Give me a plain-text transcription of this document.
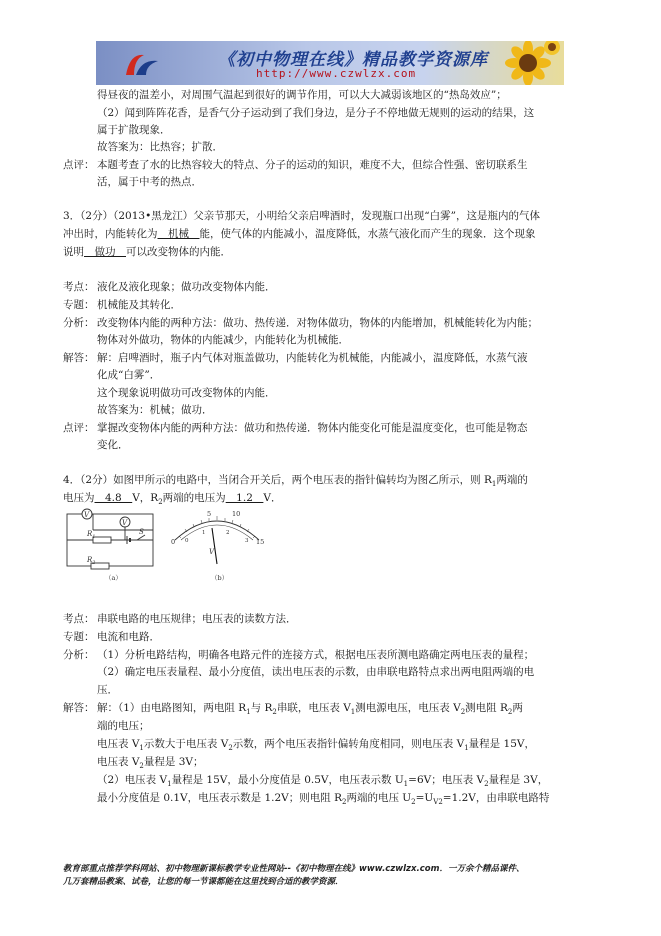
《初中物理在线》精品教学资源库
http://www.czwlzx.com
得昼夜的温差小，对周围气温起到很好的调节作用，可以大大减弱该地区的“热岛效应”；
（2）闻到阵阵花香，是香气分子运动到了我们身边，是分子不停地做无规则的运动的结果，这
属于扩散现象．
故答案为：比热容；扩散．
点评： 本题考查了水的比热容较大的特点、分子的运动的知识，难度不大，但综合性强、密切联系生
活，属于中考的热点．
3．（2分）（2013•黑龙江）父亲节那天，小明给父亲启啤酒时，发现瓶口出现“白雾”，这是瓶内的气体
冲出时，内能转化为　机械　能，使气体的内能减小，温度降低，水蒸气液化而产生的现象．这个现象
说明　做功　可以改变物体的内能．
考点： 液化及液化现象；做功改变物体内能．
专题： 机械能及其转化．
分析： 改变物体内能的两种方法：做功、热传递．对物体做功，物体的内能增加，机械能转化为内能；
物体对外做功，物体的内能减少，内能转化为机械能．
解答： 解：启啤酒时，瓶子内气体对瓶盖做功，内能转化为机械能，内能减小，温度降低，水蒸气液
化成“白雾”．
这个现象说明做功可改变物体的内能．
故答案为：机械；做功．
点评： 掌握改变物体内能的两种方法：做功和热传递．物体内能变化可能是温度变化，也可能是物态
变化．
4．（2分）如图甲所示的电路中，当闭合开关后，两个电压表的指针偏转均为图乙所示，则 $R_1$两端的
电压为　4.8　V，$R_2$两端的电压为　1.2　V．
V
V
$R_1$
S
$R_2$
（a）
5	10
0	15
0
1	2
3
V
（b）
考点： 串联电路的电压规律；电压表的读数方法．
专题： 电流和电路．
分析： （1）分析电路结构，明确各电路元件的连接方式，根据电压表所测电路确定两电压表的量程；
（2）确定电压表量程、最小分度值，读出电压表的示数，由串联电路特点求出两电阻两端的电
压．
解答： 解：（1）由电路图知，两电阻 $R_1$与 $R_2$串联，电压表 $V_1$测电源电压，电压表 $V_2$测电阻 $R_2$两
端的电压；
电压表 $V_1$示数大于电压表 $V_2$示数，两个电压表指针偏转角度相同，则电压表 $V_1$量程是 15V，
电压表 $V_2$量程是 3V；
（2）电压表 $V_1$量程是 15V，最小分度值是 0.5V，电压表示数 $U_1=6V$；电压表 $V_2$量程是 3V，
最小分度值是 0.1V，电压表示数是 1.2V；则电阻 $R_2$两端的电压 $U_2=U_{V2}=1.2V$，由串联电路特
教育部重点推荐学科网站、初中物理新课标教学专业性网站--《初中物理在线》www.czwlzx.com．一万余个精品课件、
几万套精品教案、试卷，让您的每一节课都能在这里找到合适的教学资源．
